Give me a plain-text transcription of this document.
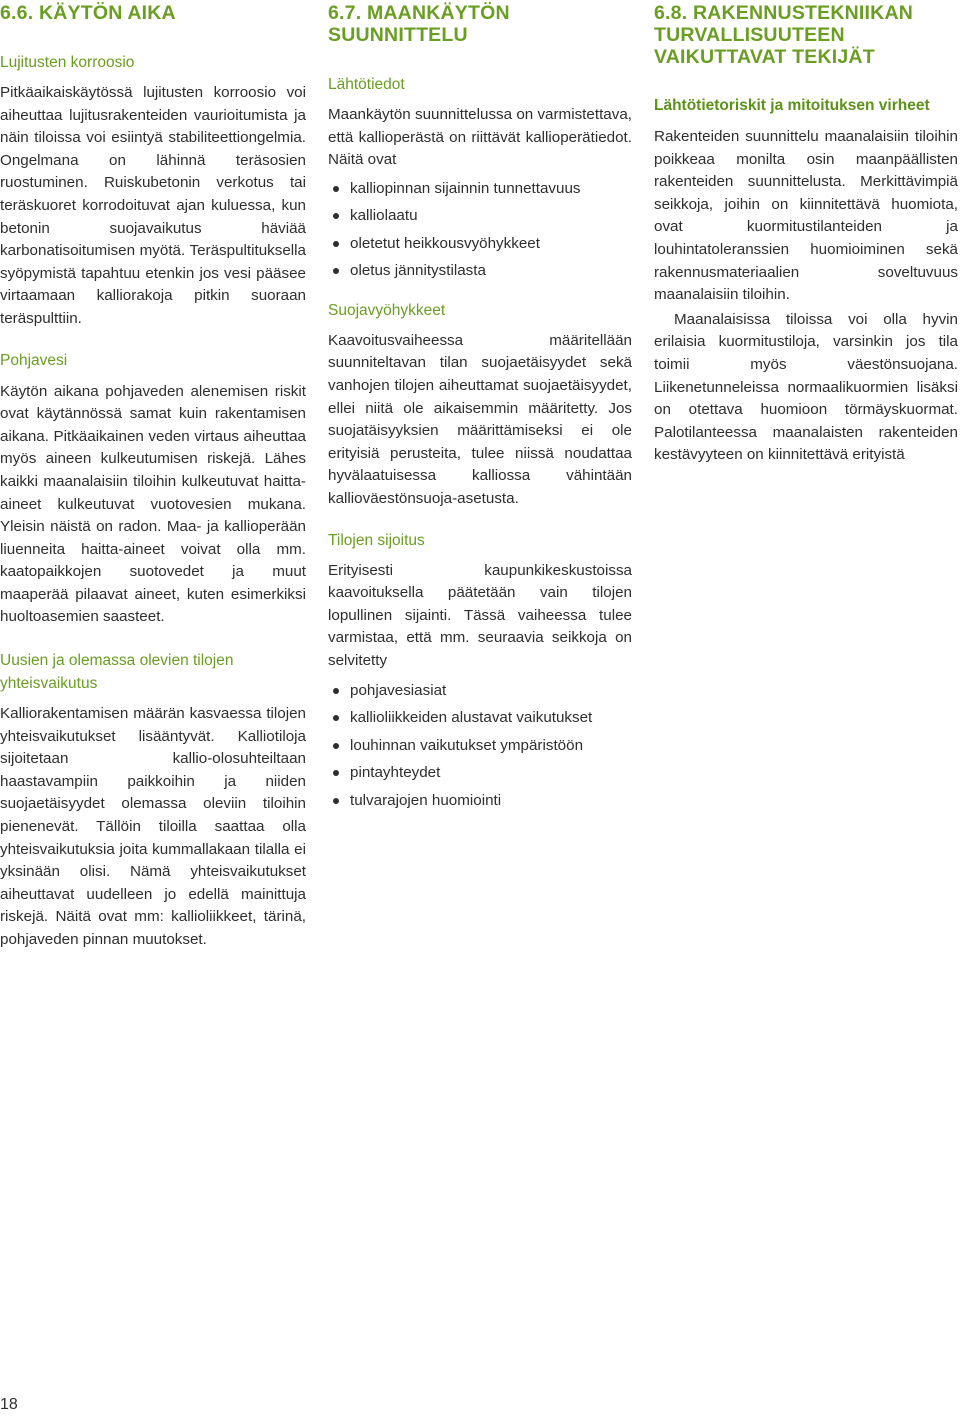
6.6. KÄYTÖN AIKA
Lujitusten korroosio

Pitkäaikaiskäytössä lujitusten korroosio voi aiheuttaa lujitusrakenteiden vaurioitumista ja näin tiloissa voi esiintyä stabiliteettiongelmia. Ongelmana on lähinnä teräsosien ruostuminen. Ruiskubetonin verkotus tai teräskuoret korrodoituvat ajan kuluessa, kun betonin suojavaikutus häviää karbonatisoitumisen myötä. Teräspultituksella syöpymistä tapahtuu etenkin jos vesi pääsee virtaamaan kalliorakoja pitkin suoraan teräspulttiin.

Pohjavesi

Käytön aikana pohjaveden alenemisen riskit ovat käytännössä samat kuin rakentamisen aikana. Pitkäaikainen veden virtaus aiheuttaa myös aineen kulkeutumisen riskejä. Lähes kaikki maanalaisiin tiloihin kulkeutuvat haitta-aineet kulkeutuvat vuotovesien mukana. Yleisin näistä on radon. Maa- ja kallioperään liuenneita haitta-aineet voivat olla mm. kaatopaikkojen suotovedet ja muut maaperää pilaavat aineet, kuten esimerkiksi huoltoasemien saasteet.

Uusien ja olemassa olevien tilojen yhteisvaikutus

Kalliorakentamisen määrän kasvaessa tilojen yhteisvaikutukset lisääntyvät. Kalliotiloja sijoitetaan kallio-olosuhteiltaan haastavampiin paikkoihin ja niiden suojaetäisyydet olemassa oleviin tiloihin pienenevät. Tällöin tiloilla saattaa olla yhteisvaikutuksia joita kummallakaan tilalla ei yksinään olisi. Nämä yhteisvaikutukset aiheuttavat uudelleen jo edellä mainittuja riskejä. Näitä ovat mm: kallioliikkeet, tärinä, pohjaveden pinnan muutokset.

6.7. MAANKÄYTÖN SUUNNITTELU
Lähtötiedot

Maankäytön suunnittelussa on varmistettava, että kallioperästä on riittävät kallioperätiedot. Näitä ovat

kalliopinnan sijainnin tunnettavuus
kalliolaatu
oletetut heikkousvyöhykkeet
oletus jännitystilasta
Suojavyöhykkeet

Kaavoitusvaiheessa määritellään suunniteltavan tilan suojaetäisyydet sekä vanhojen tilojen aiheuttamat suojaetäisyydet, ellei niitä ole aikaisemmin määritetty. Jos suojatäisyyksien määrittämiseksi ei ole erityisiä perusteita, tulee niissä noudattaa hyvälaatuisessa kalliossa vähintään kallioväestönsuoja-asetusta.

Tilojen sijoitus

Erityisesti kaupunkikeskustoissa kaavoituksella päätetään vain tilojen lopullinen sijainti. Tässä vaiheessa tulee varmistaa, että mm. seuraavia seikkoja on selvitetty

pohjavesiasiat
kallioliikkeiden alustavat vaikutukset
louhinnan vaikutukset ympäristöön
pintayhteydet
tulvarajojen huomiointi
6.8. RAKENNUSTEKNIIKAN TURVALLISUUTEEN VAIKUTTAVAT TEKIJÄT
Lähtötietoriskit ja mitoituksen virheet

Rakenteiden suunnittelu maanalaisiin tiloihin poikkeaa monilta osin maanpäällisten rakenteiden suunnittelusta. Merkittävimpiä seikkoja, joihin on kiinnitettävä huomiota, ovat kuormitustilanteiden ja louhintatoleranssien huomioiminen sekä rakennusmateriaalien soveltuvuus maanalaisiin tiloihin.

Maanalaisissa tiloissa voi olla hyvin erilaisia kuormitustiloja, varsinkin jos tila toimii myös väestönsuojana. Liikenetunneleissa normaalikuormien lisäksi on otettava huomioon törmäyskuormat. Palotilanteessa maanalaisten rakenteiden kestävyyteen on kiinnitettävä erityistä

18
